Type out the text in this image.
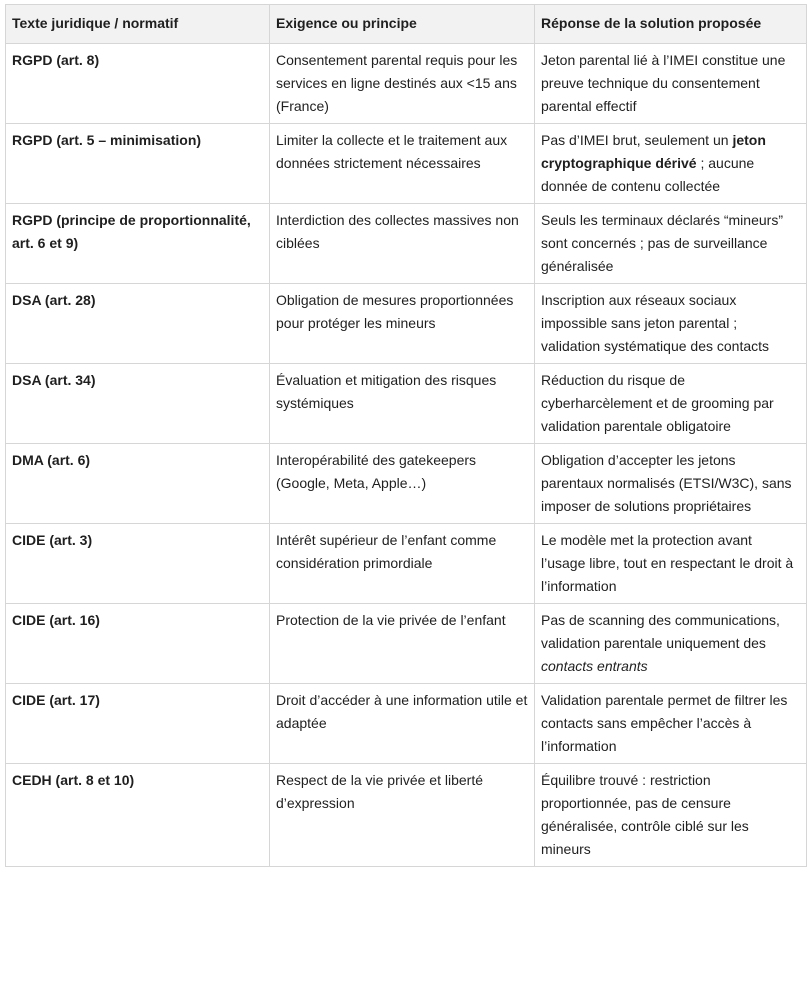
Texte juridique / normatif	Exigence ou principe	Réponse de la solution proposée
RGPD (art. 8)	Consentement parental requis pour les services en ligne destinés aux <15 ans (France)	Jeton parental lié à l’IMEI constitue une preuve technique du consentement parental effectif
RGPD (art. 5 – minimisation)	Limiter la collecte et le traitement aux données strictement nécessaires	Pas d’IMEI brut, seulement un jeton cryptographique dérivé ; aucune donnée de contenu collectée
RGPD (principe de proportionnalité, art. 6 et 9)	Interdiction des collectes massives non ciblées	Seuls les terminaux déclarés “mineurs” sont concernés ; pas de surveillance généralisée
DSA (art. 28)	Obligation de mesures proportionnées pour protéger les mineurs	Inscription aux réseaux sociaux impossible sans jeton parental ; validation systématique des contacts
DSA (art. 34)	Évaluation et mitigation des risques systémiques	Réduction du risque de cyberharcèlement et de grooming par validation parentale obligatoire
DMA (art. 6)	Interopérabilité des gatekeepers (Google, Meta, Apple…)	Obligation d’accepter les jetons parentaux normalisés (ETSI/W3C), sans imposer de solutions propriétaires
CIDE (art. 3)	Intérêt supérieur de l’enfant comme considération primordiale	Le modèle met la protection avant l’usage libre, tout en respectant le droit à l’information
CIDE (art. 16)	Protection de la vie privée de l’enfant	Pas de scanning des communications, validation parentale uniquement des contacts entrants
CIDE (art. 17)	Droit d’accéder à une information utile et adaptée	Validation parentale permet de filtrer les contacts sans empêcher l’accès à l’information
CEDH (art. 8 et 10)	Respect de la vie privée et liberté d’expression	Équilibre trouvé : restriction proportionnée, pas de censure généralisée, contrôle ciblé sur les mineurs
